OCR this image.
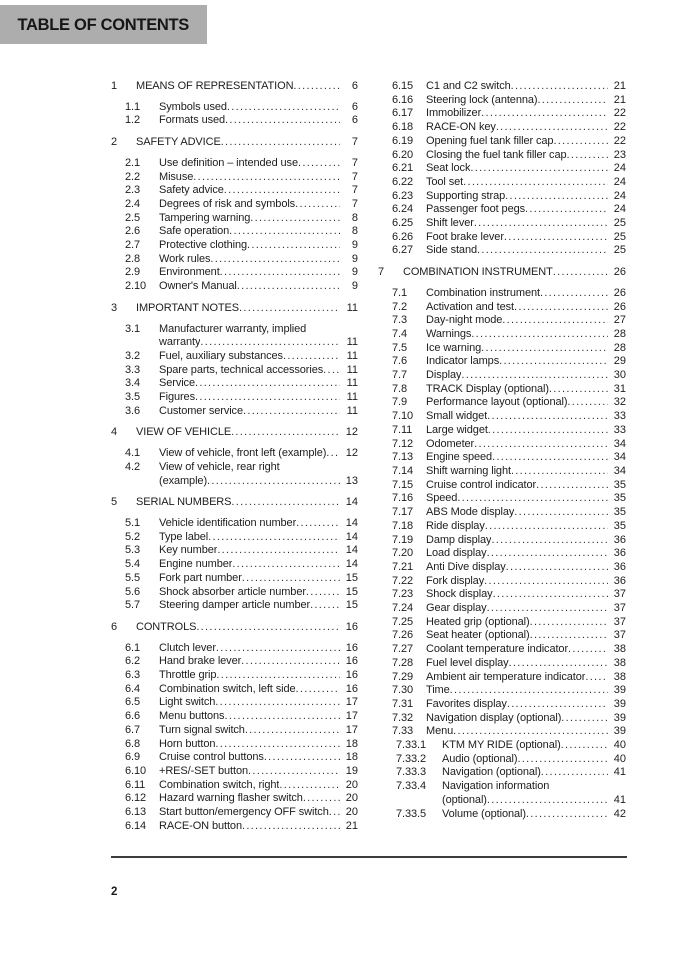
TABLE OF CONTENTS
1	MEANS OF REPRESENTATION .....	6
1.1	Symbols used .....	6
1.2	Formats used .....	6
2	SAFETY ADVICE .....	7
2.1	Use definition – intended use .....	7
2.2	Misuse .....	7
2.3	Safety advice .....	7
2.4	Degrees of risk and symbols .....	7
2.5	Tampering warning .....	8
2.6	Safe operation .....	8
2.7	Protective clothing .....	9
2.8	Work rules .....	9
2.9	Environment .....	9
2.10	Owner's Manual .....	9
3	IMPORTANT NOTES .....	11
3.1	Manufacturer warranty, implied
warranty .....	11
3.2	Fuel, auxiliary substances .....	11
3.3	Spare parts, technical accessories .....	11
3.4	Service .....	11
3.5	Figures .....	11
3.6	Customer service .....	11
4	VIEW OF VEHICLE .....	12
4.1	View of vehicle, front left (example) ..... 12
4.2	View of vehicle, rear right
(example) .....	13
5	SERIAL NUMBERS .....	14
5.1	Vehicle identification number .....	14
5.2	Type label .....	14
5.3	Key number .....	14
5.4	Engine number .....	14
5.5	Fork part number .....	15
5.6	Shock absorber article number .....	15
5.7	Steering damper article number .....	15
6	CONTROLS .....	16
6.1	Clutch lever .....	16
6.2	Hand brake lever .....	16
6.3	Throttle grip .....	16
6.4	Combination switch, left side .....	16
6.5	Light switch .....	17
6.6	Menu buttons .....	17
6.7	Turn signal switch .....	17
6.8	Horn button .....	18
6.9	Cruise control buttons .....	18
6.10	+RES/-SET button .....	19
6.11	Combination switch, right .....	20
6.12	Hazard warning flasher switch .....	20
6.13	Start button/emergency OFF switch ..... 20
6.14	RACE-ON button .....	21
6.15	C1 and C2 switch .....	21
6.16	Steering lock (antenna) .....	21
6.17	Immobilizer .....	22
6.18	RACE-ON key .....	22
6.19	Opening fuel tank filler cap .....	22
6.20	Closing the fuel tank filler cap .....	23
6.21	Seat lock .....	24
6.22	Tool set .....	24
6.23	Supporting strap .....	24
6.24	Passenger foot pegs .....	24
6.25	Shift lever .....	25
6.26	Foot brake lever .....	25
6.27	Side stand .....	25
7	COMBINATION INSTRUMENT .....	26
7.1	Combination instrument .....	26
7.2	Activation and test .....	26
7.3	Day-night mode .....	27
7.4	Warnings .....	28
7.5	Ice warning .....	28
7.6	Indicator lamps .....	29
7.7	Display .....	30
7.8	TRACK Display (optional) .....	31
7.9	Performance layout (optional) .....	32
7.10	Small widget .....	33
7.11	Large widget .....	33
7.12	Odometer .....	34
7.13	Engine speed .....	34
7.14	Shift warning light .....	34
7.15	Cruise control indicator .....	35
7.16	Speed .....	35
7.17	ABS Mode display .....	35
7.18	Ride display .....	35
7.19	Damp display .....	36
7.20	Load display .....	36
7.21	Anti Dive display .....	36
7.22	Fork display .....	36
7.23	Shock display .....	37
7.24	Gear display .....	37
7.25	Heated grip (optional) .....	37
7.26	Seat heater (optional) .....	37
7.27	Coolant temperature indicator .....	38
7.28	Fuel level display .....	38
7.29	Ambient air temperature indicator .....	38
7.30	Time .....	39
7.31	Favorites display .....	39
7.32	Navigation display (optional) .....	39
7.33	Menu .....	39
7.33.1	KTM MY RIDE (optional) .....	40
7.33.2	Audio (optional) .....	40
7.33.3	Navigation (optional) .....	41
7.33.4	Navigation information
(optional) .....	41
7.33.5	Volume (optional) .....	42
2
